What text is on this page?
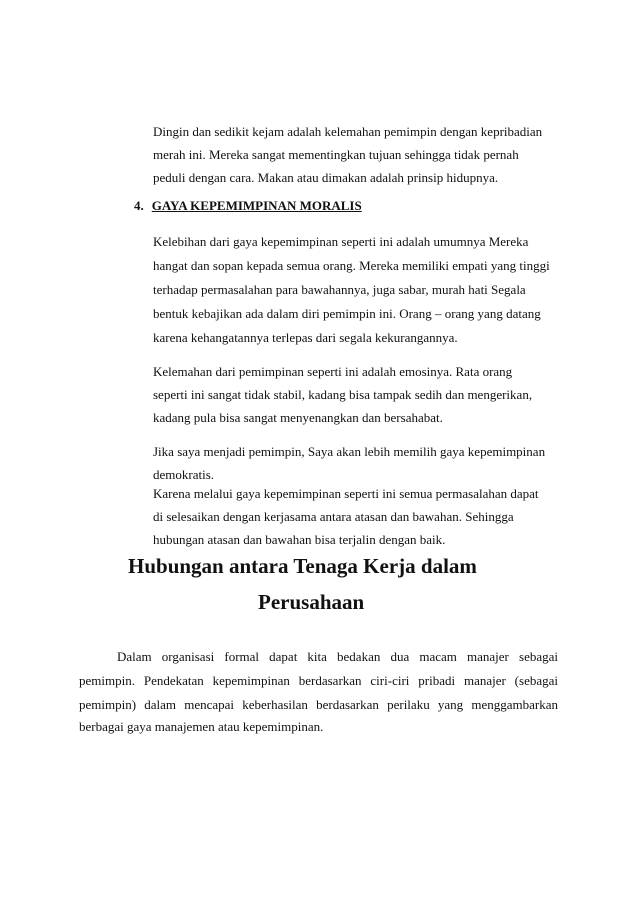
Dingin dan sedikit kejam adalah kelemahan pemimpin dengan kepribadian
merah ini. Mereka sangat mementingkan tujuan sehingga tidak pernah
peduli dengan cara. Makan atau dimakan adalah prinsip hidupnya.
4. GAYA KEPEMIMPINAN MORALIS
Kelebihan dari gaya kepemimpinan seperti ini adalah umumnya Mereka
hangat dan sopan kepada semua orang. Mereka memiliki empati yang tinggi
terhadap permasalahan para bawahannya, juga sabar, murah hati Segala
bentuk kebajikan ada dalam diri pemimpin ini. Orang – orang yang datang
karena kehangatannya terlepas dari segala kekurangannya.
Kelemahan dari pemimpinan seperti ini adalah emosinya. Rata orang
seperti ini sangat tidak stabil, kadang bisa tampak sedih dan mengerikan,
kadang pula bisa sangat menyenangkan dan bersahabat.
Jika saya menjadi pemimpin, Saya akan lebih memilih gaya kepemimpinan
demokratis.
Karena melalui gaya kepemimpinan seperti ini semua permasalahan dapat
di selesaikan dengan kerjasama antara atasan dan bawahan. Sehingga
hubungan atasan dan bawahan bisa terjalin dengan baik.
Hubungan antara Tenaga Kerja dalam
Perusahaan
Dalam organisasi formal dapat kita bedakan dua macam manajer sebagai
pemimpin. Pendekatan kepemimpinan berdasarkan ciri-ciri pribadi manajer (sebagai
pemimpin) dalam mencapai keberhasilan berdasarkan perilaku yang menggambarkan
berbagai gaya manajemen atau kepemimpinan.
